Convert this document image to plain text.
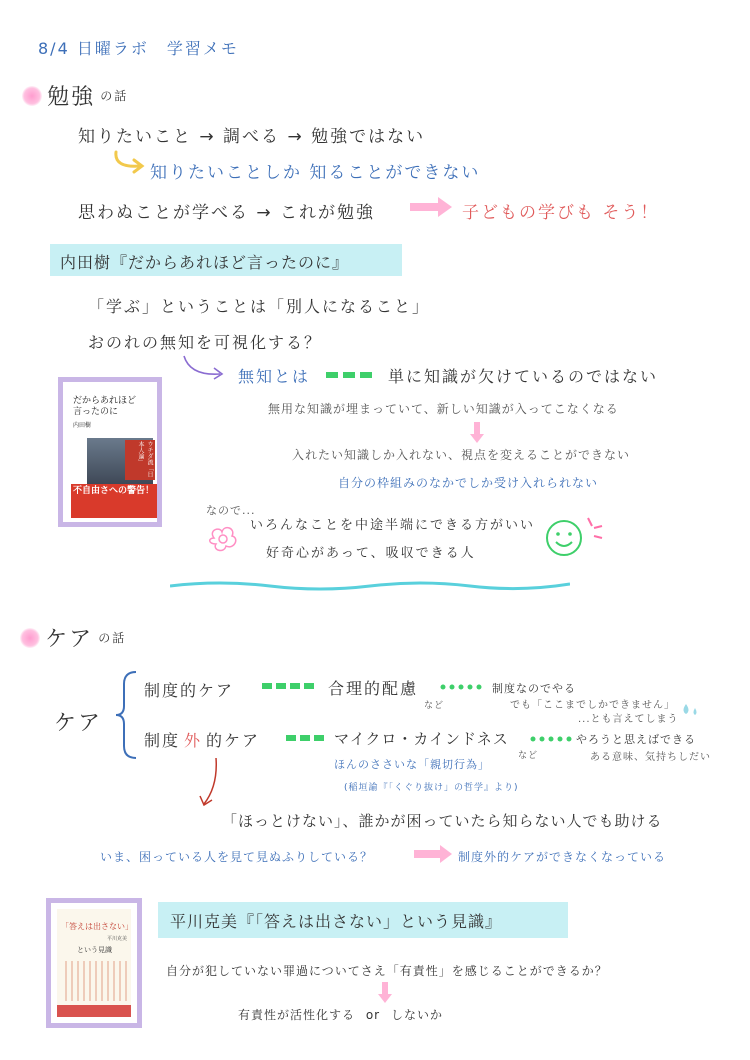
8/4 日曜ラボ　学習メモ
勉強 の話
知りたいこと → 調べる → 勉強ではない
知りたいことしか 知ることができない
思わぬことが学べる → これが勉強	子どもの学びも そう！
内田樹『だからあれほど言ったのに』
「学ぶ」ということは「別人になること」
おのれの無知を可視化する？
無知とは	単に知識が欠けているのではない
だからあれほど
言ったのに
内田樹
ウチダ流「日本人論」
不自由さへの警告！
無用な知識が埋まっていて、新しい知識が入ってこなくなる
入れたい知識しか入れない、視点を変えることができない
自分の枠組みのなかでしか受け入れられない
なので...
いろんなことを中途半端にできる方がいい
好奇心があって、吸収できる人
ケア の話
ケア
制度的ケア	合理的配慮	制度なのでやる
など	でも「ここまでしかできません」
...とも言えてしまう
制度 外 的ケア	マイクロ・カインドネス	やろうと思えばできる
など	ある意味、気持ちしだい
ほんのささいな「親切行為」
(稲垣諭『「くぐり抜け」の哲学』より)
「ほっとけない」、誰かが困っていたら知らない人でも助ける
いま、困っている人を見て見ぬふりしている？	制度外的ケアができなくなっている
「答えは出さない」
平川克美
という見識
平川克美『「答えは出さない」という見識』
自分が犯していない罪過についてさえ「有責性」を感じることができるか？
有責性が活性化する or しないか
